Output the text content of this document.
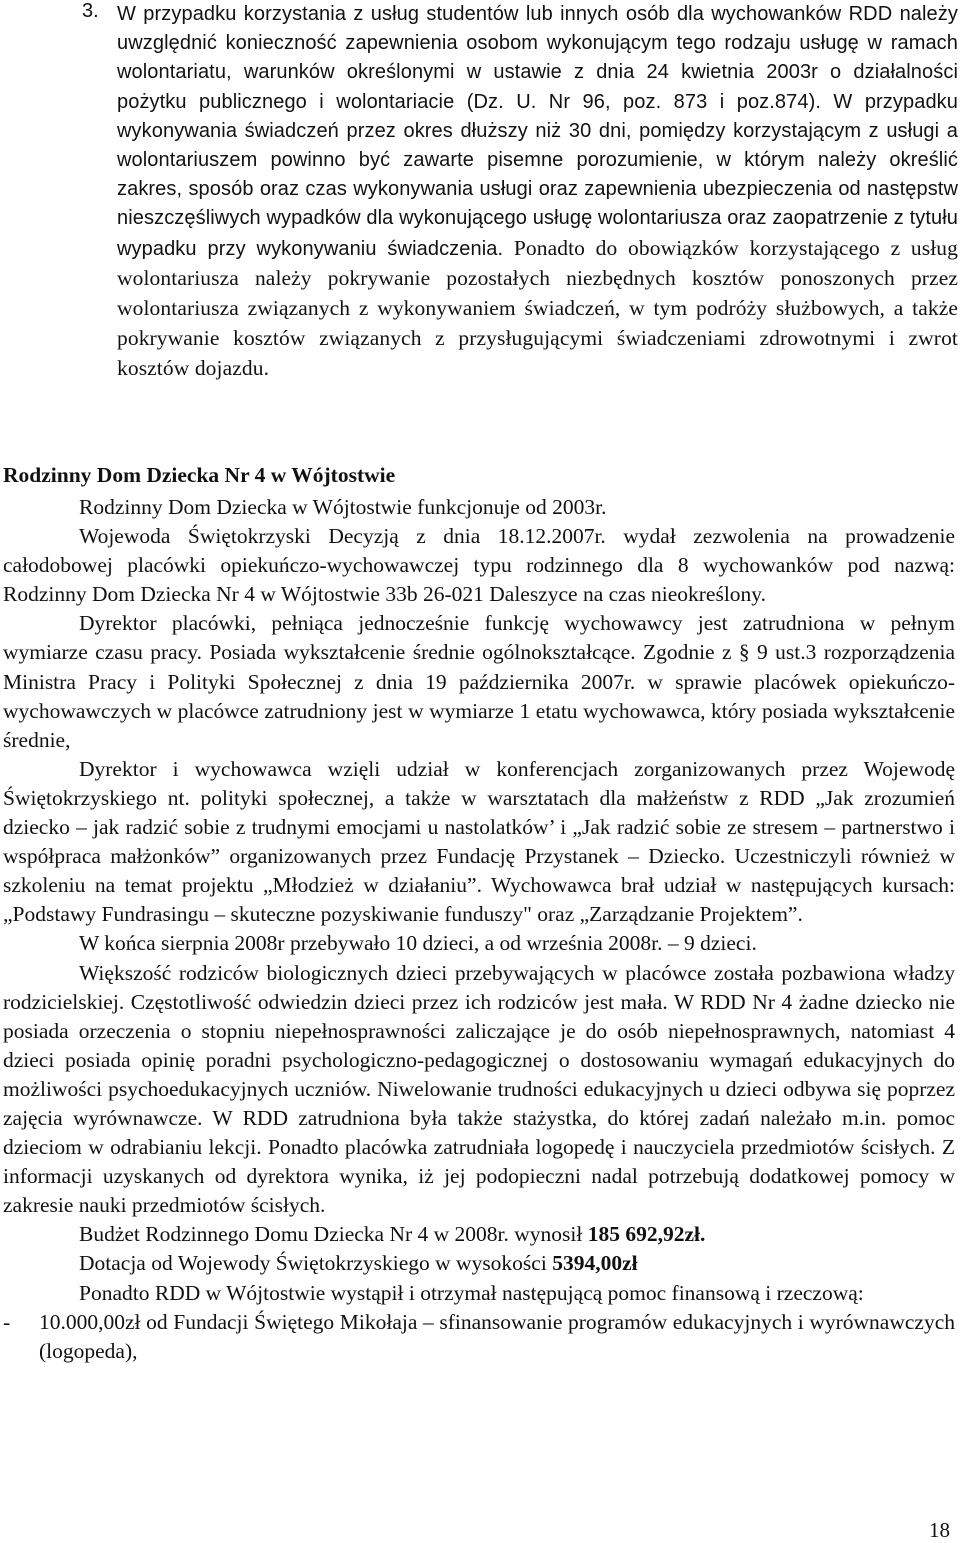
3. W przypadku korzystania z usług studentów lub innych osób dla wychowanków RDD należy uwzględnić konieczność zapewnienia osobom wykonującym tego rodzaju usługę w ramach wolontariatu, warunków określonymi w ustawie z dnia 24 kwietnia 2003r o działalności pożytku publicznego i wolontariacie (Dz. U. Nr 96, poz. 873 i poz.874). W przypadku wykonywania świadczeń przez okres dłuższy niż 30 dni, pomiędzy korzystającym z usługi a wolontariuszem powinno być zawarte pisemne porozumienie, w którym należy określić zakres, sposób oraz czas wykonywania usługi oraz zapewnienia ubezpieczenia od następstw nieszczęśliwych wypadków dla wykonującego usługę wolontariusza oraz zaopatrzenie z tytułu wypadku przy wykonywaniu świadczenia. Ponadto do obowiązków korzystającego z usług wolontariusza należy pokrywanie pozostałych niezbędnych kosztów ponoszonych przez wolontariusza związanych z wykonywaniem świadczeń, w tym podróży służbowych, a także pokrywanie kosztów związanych z przysługującymi świadczeniami zdrowotnymi i zwrot kosztów dojazdu.
Rodzinny Dom Dziecka Nr 4 w Wójtostwie

Rodzinny Dom Dziecka w Wójtostwie funkcjonuje od 2003r.

Wojewoda Świętokrzyski Decyzją z dnia 18.12.2007r. wydał zezwolenia na prowadzenie całodobowej placówki opiekuńczo-wychowawczej typu rodzinnego dla 8 wychowanków pod nazwą: Rodzinny Dom Dziecka Nr 4 w Wójtostwie 33b 26-021 Daleszyce na czas nieokreślony.

Dyrektor placówki, pełniąca jednocześnie funkcję wychowawcy jest zatrudniona w pełnym wymiarze czasu pracy. Posiada wykształcenie średnie ogólnokształcące. Zgodnie z § 9 ust.3 rozporządzenia Ministra Pracy i Polityki Społecznej z dnia 19 października 2007r. w sprawie placówek opiekuńczo-wychowawczych w placówce zatrudniony jest w wymiarze 1 etatu wychowawca, który posiada wykształcenie średnie,

Dyrektor i wychowawca wzięli udział w konferencjach zorganizowanych przez Wojewodę Świętokrzyskiego nt. polityki społecznej, a także w warsztatach dla małżeństw z RDD „Jak zrozumień dziecko – jak radzić sobie z trudnymi emocjami u nastolatków’ i „Jak radzić sobie ze stresem – partnerstwo i współpraca małżonków” organizowanych przez Fundację Przystanek – Dziecko. Uczestniczyli również w szkoleniu na temat projektu „Młodzież w działaniu”. Wychowawca brał udział w następujących kursach: „Podstawy Fundrasingu – skuteczne pozyskiwanie funduszy" oraz „Zarządzanie Projektem”.

W końca sierpnia 2008r przebywało 10 dzieci, a od września 2008r. – 9 dzieci.

Większość rodziców biologicznych dzieci przebywających w placówce została pozbawiona władzy rodzicielskiej. Częstotliwość odwiedzin dzieci przez ich rodziców jest mała. W RDD Nr 4 żadne dziecko nie posiada orzeczenia o stopniu niepełnosprawności zaliczające je do osób niepełnosprawnych, natomiast 4 dzieci posiada opinię poradni psychologiczno-pedagogicznej o dostosowaniu wymagań edukacyjnych do możliwości psychoedukacyjnych uczniów. Niwelowanie trudności edukacyjnych u dzieci odbywa się poprzez zajęcia wyrównawcze. W RDD zatrudniona była także stażystka, do której zadań należało m.in. pomoc dzieciom w odrabianiu lekcji. Ponadto placówka zatrudniała logopedę i nauczyciela przedmiotów ścisłych. Z informacji uzyskanych od dyrektora wynika, iż jej podopieczni nadal potrzebują dodatkowej pomocy w zakresie nauki przedmiotów ścisłych.

Budżet Rodzinnego Domu Dziecka Nr 4 w 2008r. wynosił 185 692,92zł.

Dotacja od Wojewody Świętokrzyskiego w wysokości 5394,00zł

Ponadto RDD w Wójtostwie wystąpił i otrzymał następującą pomoc finansową i rzeczową:

-	10.000,00zł od Fundacji Świętego Mikołaja – sfinansowanie programów edukacyjnych i wyrównawczych (logopeda),
18
